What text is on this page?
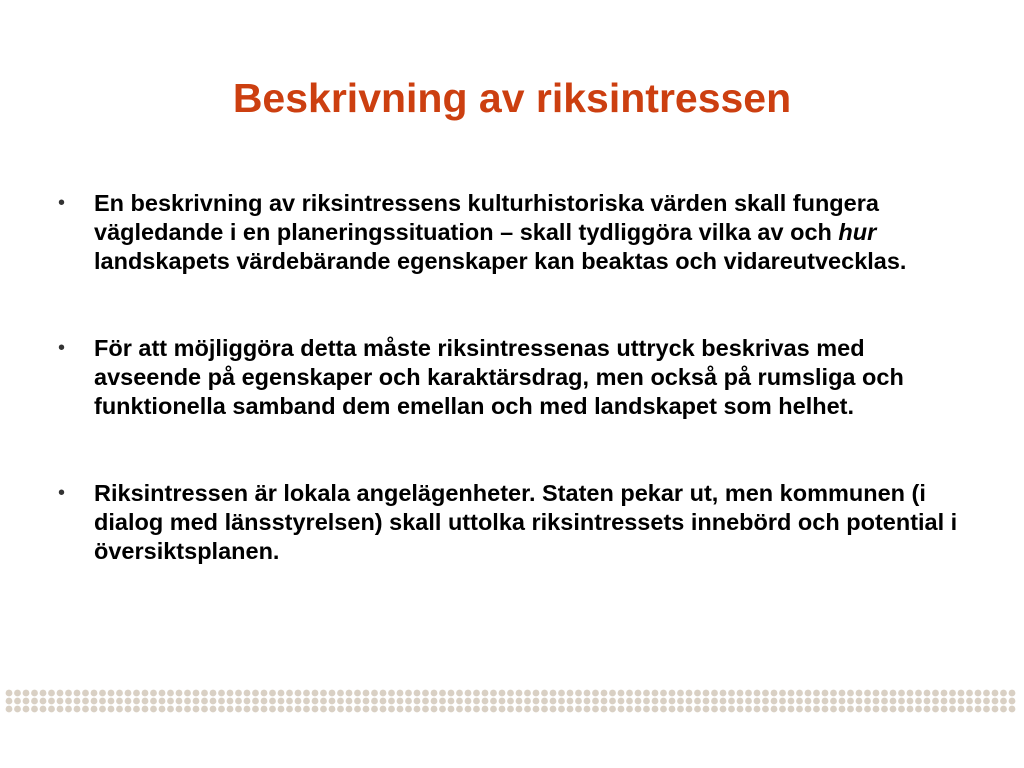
Beskrivning av riksintressen
• En beskrivning av riksintressens kulturhistoriska värden skall fungera vägledande i en planeringssituation – skall tydliggöra vilka av och hur landskapets värdebärande egenskaper kan beaktas och vidareutvecklas.
• För att möjliggöra detta måste riksintressenas uttryck beskrivas med avseende på egenskaper och karaktärsdrag, men också på rumsliga och funktionella samband dem emellan och med landskapet som helhet.
• Riksintressen är lokala angelägenheter. Staten pekar ut, men kommunen (i dialog med länsstyrelsen) skall uttolka riksintressets innebörd och potential i översiktsplanen.
